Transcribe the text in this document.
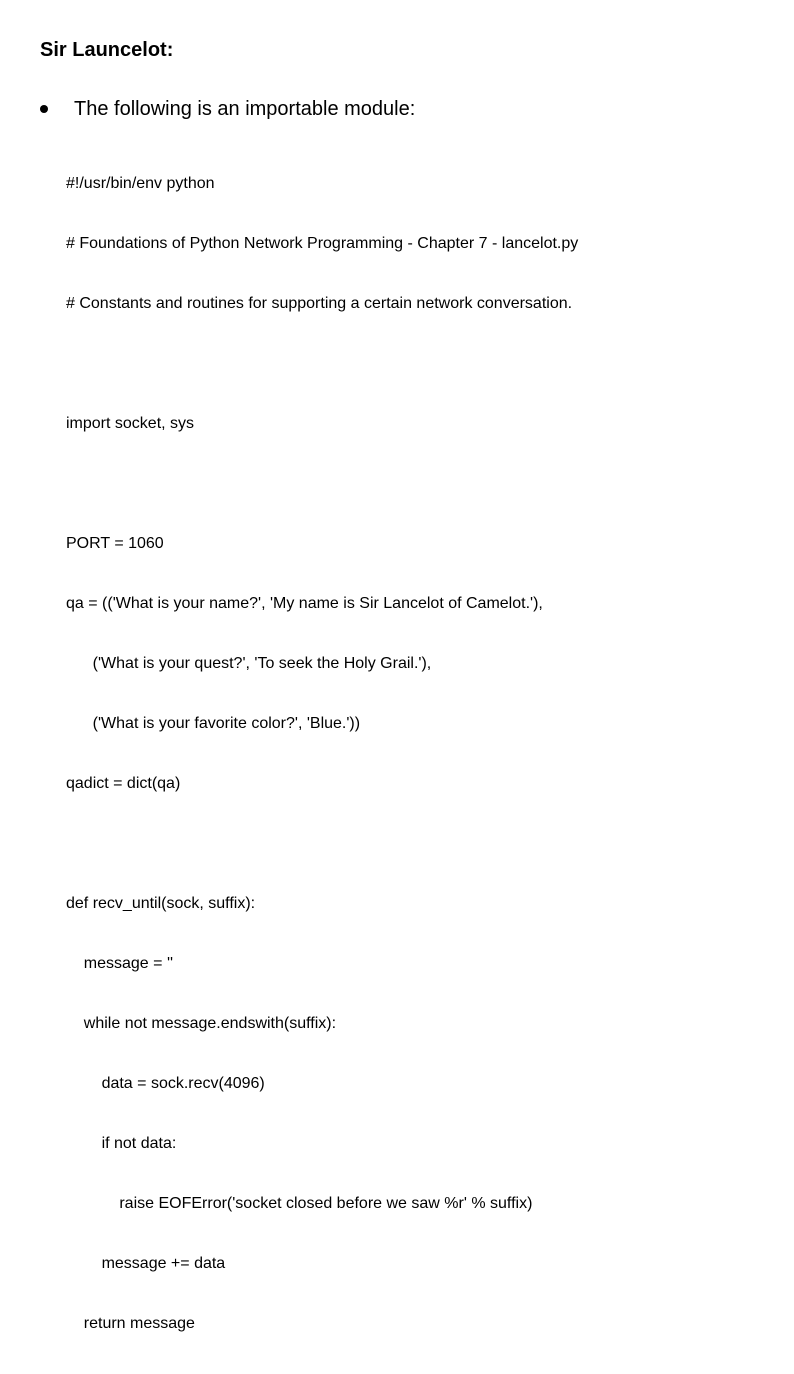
Sir Launcelot:
The following is an importable module:

#!/usr/bin/env python

# Foundations of Python Network Programming - Chapter 7 - lancelot.py

# Constants and routines for supporting a certain network conversation.

import socket, sys

PORT = 1060

qa = (('What is your name?', 'My name is Sir Lancelot of Camelot.'),

('What is your quest?', 'To seek the Holy Grail.'),

('What is your favorite color?', 'Blue.'))

qadict = dict(qa)

def recv_until(sock, suffix):

message = ''

while not message.endswith(suffix):

data = sock.recv(4096)

if not data:

raise EOFError('socket closed before we saw %r' % suffix)

message += data

return message
